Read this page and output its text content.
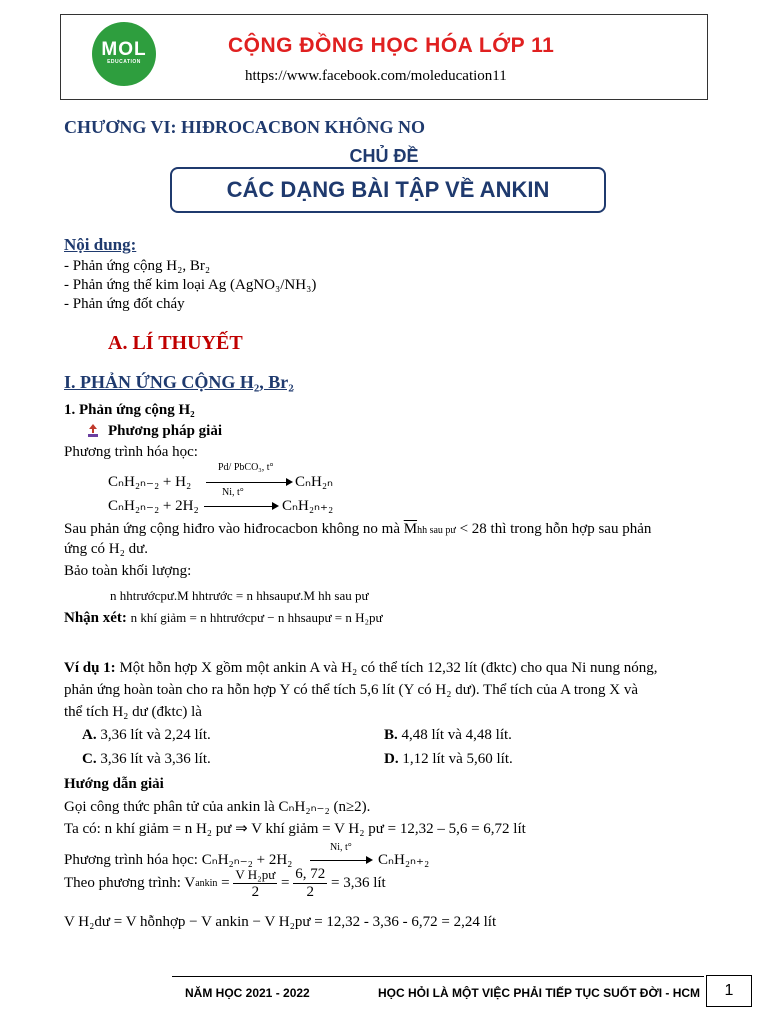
MOL
EDUCATION
CỘNG ĐỒNG HỌC HÓA LỚP 11
https://www.facebook.com/moleducation11
CHƯƠNG VI: HIĐROCACBON KHÔNG NO
CHỦ ĐỀ
CÁC DẠNG BÀI TẬP VỀ ANKIN
Nội dung:
- Phản ứng cộng H₂, Br₂
- Phản ứng thế kim loại Ag (AgNO₃/NH₃)
- Phản ứng đốt cháy
A. LÍ THUYẾT
I. PHẢN ỨNG CỘNG H₂, Br₂
1. Phản ứng cộng H₂
Phương pháp giải
Phương trình hóa học:
CₙH₂ₙ₋₂ + H₂
Pd/ PbCO₃, t°
CₙH₂ₙ
CₙH₂ₙ₋₂ + 2H₂
Ni, t°
CₙH₂ₙ₊₂
Sau phản ứng cộng hiđro vào hiđrocacbon không no mà $\overline{M}hh$ sau pư < 28 thì trong hỗn hợp sau phản
ứng có H₂ dư.
Bảo toàn khối lượng:
n hhtrướcpư.M hhtrước = n hhsaupư.M hh sau pư
Nhận xét: n khí giảm = n hhtrướcpư − n hhsaupư = n H₂pư
Ví dụ 1: Một hỗn hợp X gồm một ankin A và H₂ có thể tích 12,32 lít (đktc) cho qua Ni nung nóng,
phản ứng hoàn toàn cho ra hỗn hợp Y có thể tích 5,6 lít (Y có H₂ dư). Thể tích của A trong X và
thể tích H₂ dư (đktc) là
A. 3,36 lít và 2,24 lít.	B. 4,48 lít và 4,48 lít.
C. 3,36 lít và 3,36 lít.	D. 1,12 lít và 5,60 lít.
Hướng dẫn giải
Gọi công thức phân tử của ankin là CₙH₂ₙ₋₂ (n≥2).
Ta có: n khí giảm = n H₂ pư ⇒ V khí giảm = V H₂ pư = 12,32 – 5,6 = 6,72 lít
Phương trình hóa học: CₙH₂ₙ₋₂ + 2H₂
Ni, t°
CₙH₂ₙ₊₂
Theo phương trình: Vankin = $\frac{\text{V H₂pư}}{2} = \frac{6, 72}{2} = 3,36$ lít
V H₂dư = V hỗnhợp − V ankin − V H₂pư = 12,32 - 3,36 - 6,72 = 2,24 lít
NĂM HỌC 2021 - 2022	HỌC HỎI LÀ MỘT VIỆC PHẢI TIẾP TỤC SUỐT ĐỜI - HCM	1
